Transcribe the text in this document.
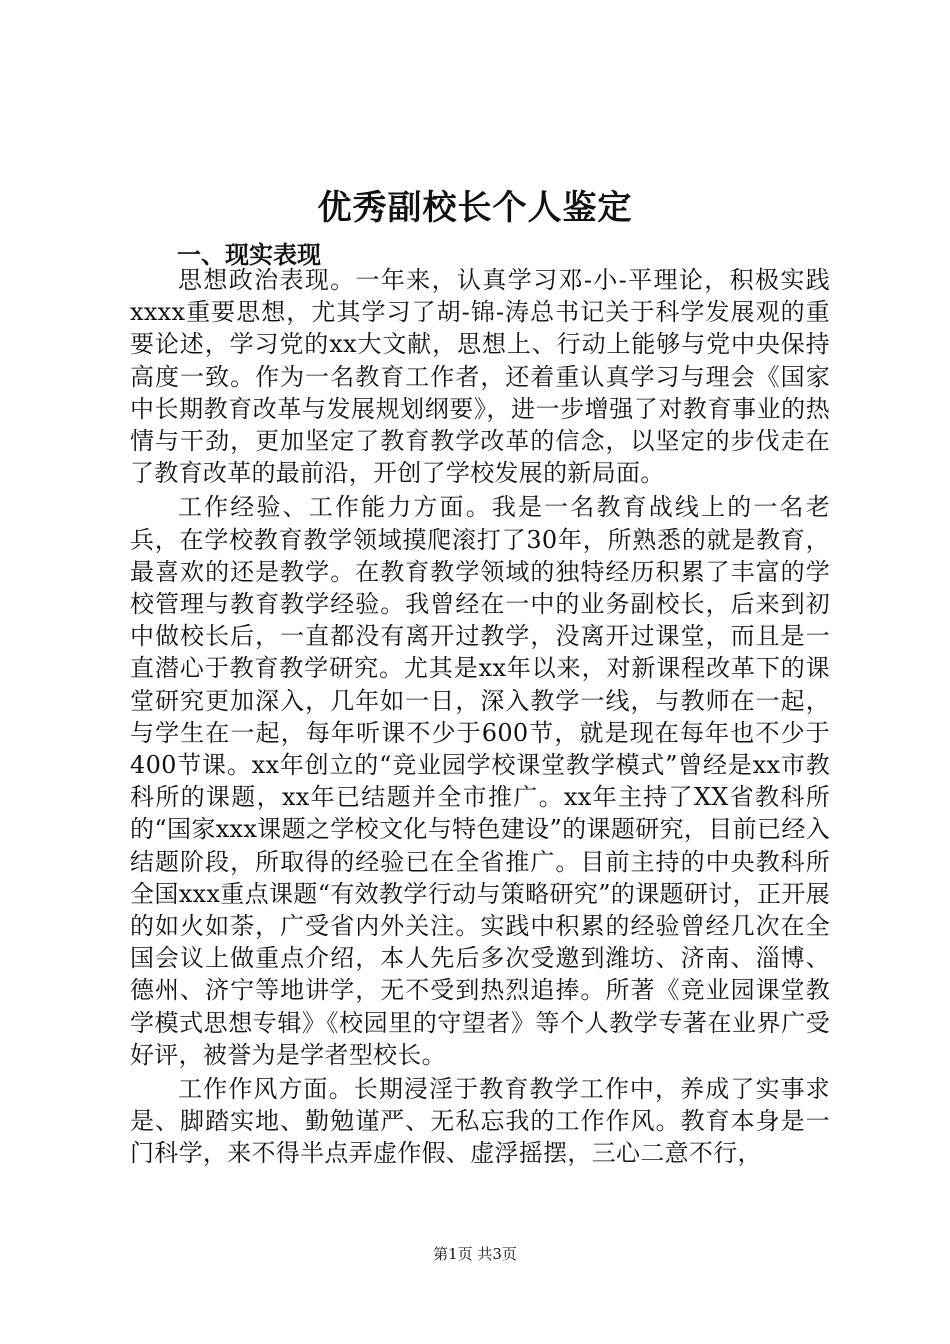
优秀副校长个人鉴定
一、现实表现

思想政治表现。一年来，认真学习邓-小-平理论，积极实践xxxx重要思想，尤其学习了胡-锦-涛总书记关于科学发展观的重要论述，学习党的xx大文献，思想上、行动上能够与党中央保持高度一致。作为一名教育工作者，还着重认真学习与理会《国家中长期教育改革与发展规划纲要》，进一步增强了对教育事业的热情与干劲，更加坚定了教育教学改革的信念，以坚定的步伐走在了教育改革的最前沿，开创了学校发展的新局面。

工作经验、工作能力方面。我是一名教育战线上的一名老兵，在学校教育教学领域摸爬滚打了30年，所熟悉的就是教育，最喜欢的还是教学。在教育教学领域的独特经历积累了丰富的学校管理与教育教学经验。我曾经在一中的业务副校长，后来到初中做校长后，一直都没有离开过教学，没离开过课堂，而且是一直潜心于教育教学研究。尤其是xx年以来，对新课程改革下的课堂研究更加深入，几年如一日，深入教学一线，与教师在一起，与学生在一起，每年听课不少于600节，就是现在每年也不少于400节课。xx年创立的“竞业园学校课堂教学模式”曾经是xx市教科所的课题，xx年已结题并全市推广。xx年主持了XX省教科所的“国家xxx课题之学校文化与特色建设”的课题研究，目前已经入结题阶段，所取得的经验已在全省推广。目前主持的中央教科所全国xxx重点课题“有效教学行动与策略研究”的课题研讨，正开展的如火如荼，广受省内外关注。实践中积累的经验曾经几次在全国会议上做重点介绍，本人先后多次受邀到潍坊、济南、淄博、德州、济宁等地讲学，无不受到热烈追捧。所著《竞业园课堂教学模式思想专辑》《校园里的守望者》等个人教学专著在业界广受好评，被誉为是学者型校长。

工作作风方面。长期浸淫于教育教学工作中，养成了实事求是、脚踏实地、勤勉谨严、无私忘我的工作作风。教育本身是一门科学，来不得半点弄虚作假、虚浮摇摆，三心二意不行，

第1页 共3页
